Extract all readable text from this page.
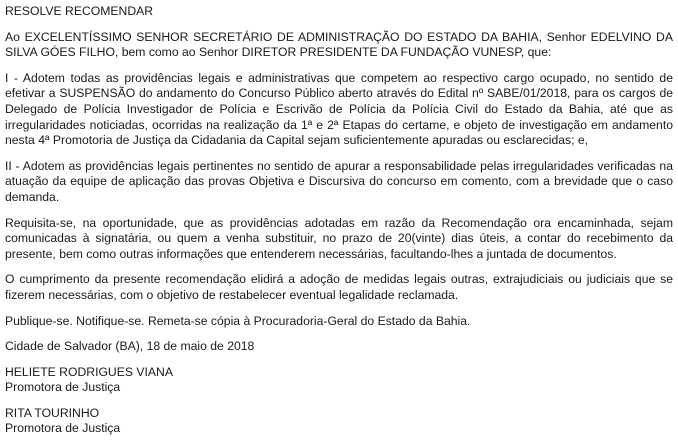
RESOLVE RECOMENDAR

Ao EXCELENTÍSSIMO SENHOR SECRETÁRIO DE ADMINISTRAÇÃO DO ESTADO DA BAHIA, Senhor EDELVINO DA SILVA GÓES FILHO, bem como ao Senhor DIRETOR PRESIDENTE DA FUNDAÇÃO VUNESP, que:

I - Adotem todas as providências legais e administrativas que competem ao respectivo cargo ocupado, no sentido de efetivar a SUSPENSÃO do andamento do Concurso Público aberto através do Edital nº SABE/01/2018, para os cargos de Delegado de Polícia Investigador de Polícia e Escrivão de Polícia da Polícia Civil do Estado da Bahia, até que as irregularidades noticiadas, ocorridas na realização da 1ª e 2ª Etapas do certame, e objeto de investigação em andamento nesta 4ª Promotoria de Justiça da Cidadania da Capital sejam suficientemente apuradas ou esclarecidas; e,

II - Adotem as providências legais pertinentes no sentido de apurar a responsabilidade pelas irregularidades verificadas na atuação da equipe de aplicação das provas Objetiva e Discursiva do concurso em comento, com a brevidade que o caso demanda.

Requisita-se, na oportunidade, que as providências adotadas em razão da Recomendação ora encaminhada, sejam comunicadas à signatária, ou quem a venha substituir, no prazo de 20(vinte) dias úteis, a contar do recebimento da presente, bem como outras informações que entenderem necessárias, facultando-lhes a juntada de documentos.

O cumprimento da presente recomendação elidirá a adoção de medidas legais outras, extrajudiciais ou judiciais que se fizerem necessárias, com o objetivo de restabelecer eventual legalidade reclamada.

Publique-se. Notifique-se. Remeta-se cópia à Procuradoria-Geral do Estado da Bahia.

Cidade de Salvador (BA), 18 de maio de 2018

HELIETE RODRIGUES VIANA
Promotora de Justiça
RITA TOURINHO
Promotora de Justiça
